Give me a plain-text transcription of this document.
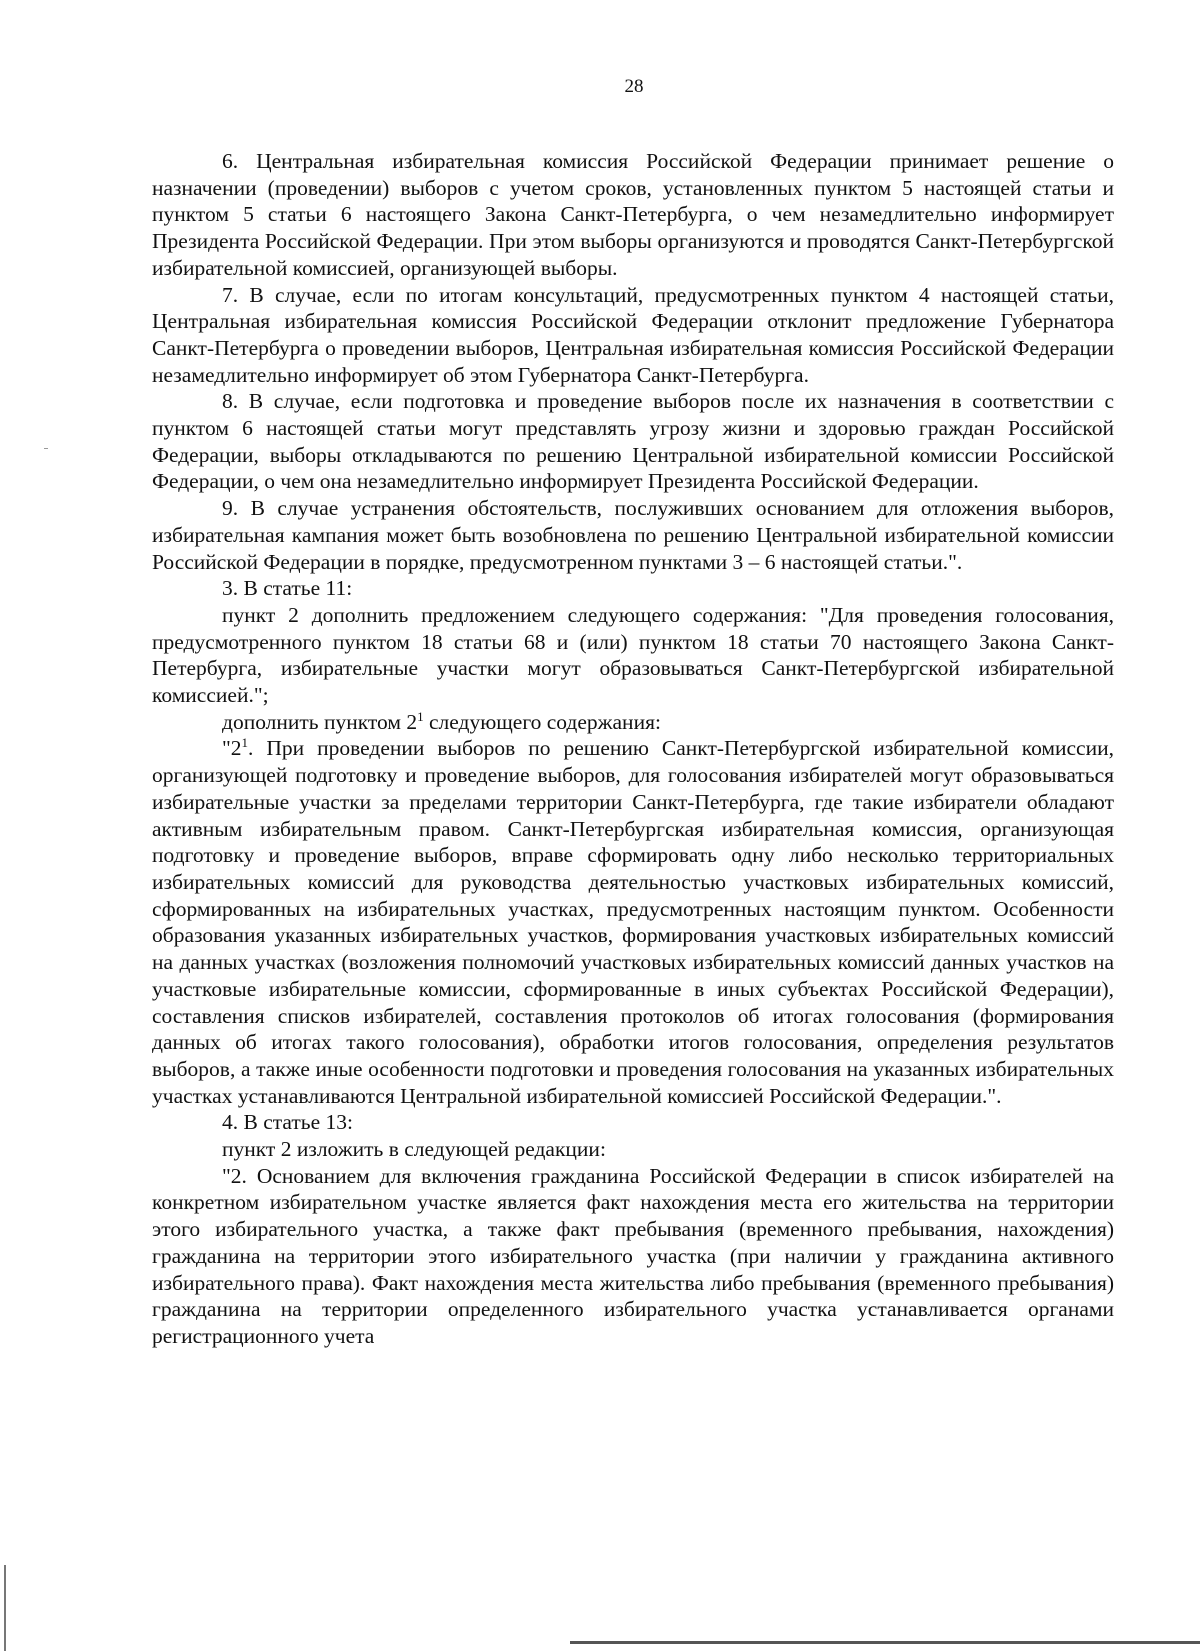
28

6. Центральная избирательная комиссия Российской Федерации принимает решение о назначении (проведении) выборов с учетом сроков, установленных пунктом 5 настоящей статьи и пунктом 5 статьи 6 настоящего Закона Санкт-Петербурга, о чем незамедлительно информирует Президента Российской Федерации. При этом выборы организуются и проводятся Санкт-Петербургской избирательной комиссией, организующей выборы.

7. В случае, если по итогам консультаций, предусмотренных пунктом 4 настоящей статьи, Центральная избирательная комиссия Российской Федерации отклонит предложение Губернатора Санкт-Петербурга о проведении выборов, Центральная избирательная комиссия Российской Федерации незамедлительно информирует об этом Губернатора Санкт-Петербурга.

8. В случае, если подготовка и проведение выборов после их назначения в соответствии с пунктом 6 настоящей статьи могут представлять угрозу жизни и здоровью граждан Российской Федерации, выборы откладываются по решению Центральной избирательной комиссии Российской Федерации, о чем она незамедлительно информирует Президента Российской Федерации.

9. В случае устранения обстоятельств, послуживших основанием для отложения выборов, избирательная кампания может быть возобновлена по решению Центральной избирательной комиссии Российской Федерации в порядке, предусмотренном пунктами 3 – 6 настоящей статьи.".

3. В статье 11:

пункт 2 дополнить предложением следующего содержания: "Для проведения голосования, предусмотренного пунктом 18 статьи 68 и (или) пунктом 18 статьи 70 настоящего Закона Санкт-Петербурга, избирательные участки могут образовываться Санкт-Петербургской избирательной комиссией.";

дополнить пунктом $2^1$ следующего содержания:

"$2^1$. При проведении выборов по решению Санкт-Петербургской избирательной комиссии, организующей подготовку и проведение выборов, для голосования избирателей могут образовываться избирательные участки за пределами территории Санкт-Петербурга, где такие избиратели обладают активным избирательным правом. Санкт-Петербургская избирательная комиссия, организующая подготовку и проведение выборов, вправе сформировать одну либо несколько территориальных избирательных комиссий для руководства деятельностью участковых избирательных комиссий, сформированных на избирательных участках, предусмотренных настоящим пунктом. Особенности образования указанных избирательных участков, формирования участковых избирательных комиссий на данных участках (возложения полномочий участковых избирательных комиссий данных участков на участковые избирательные комиссии, сформированные в иных субъектах Российской Федерации), составления списков избирателей, составления протоколов об итогах голосования (формирования данных об итогах такого голосования), обработки итогов голосования, определения результатов выборов, а также иные особенности подготовки и проведения голосования на указанных избирательных участках устанавливаются Центральной избирательной комиссией Российской Федерации.".

4. В статье 13:

пункт 2 изложить в следующей редакции:

"2. Основанием для включения гражданина Российской Федерации в список избирателей на конкретном избирательном участке является факт нахождения места его жительства на территории этого избирательного участка, а также факт пребывания (временного пребывания, нахождения) гражданина на территории этого избирательного участка (при наличии у гражданина активного избирательного права). Факт нахождения места жительства либо пребывания (временного пребывания) гражданина на территории определенного избирательного участка устанавливается органами регистрационного учета
